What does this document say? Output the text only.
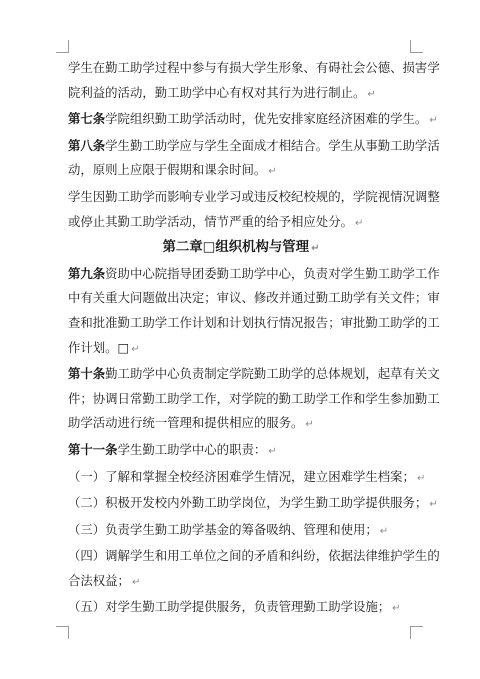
学生在勤工助学过程中参与有损大学生形象、有碍社会公德、损害学

院利益的活动，勤工助学中心有权对其行为进行制止。 ↵

第七条学院组织勤工助学活动时，优先安排家庭经济困难的学生。 ↵

第八条学生勤工助学应与学生全面成才相结合。学生从事勤工助学活

动，原则上应限于假期和课余时间。 ↵

学生因勤工助学而影响专业学习或违反校纪校规的，学院视情况调整

或停止其勤工助学活动，情节严重的给予相应处分。 ↵

第二章□组织机构与管理 ↵

第九条资助中心院指导团委勤工助学中心，负责对学生勤工助学工作

中有关重大问题做出决定；审议、修改并通过勤工助学有关文件；审

查和批准勤工助学工作计划和计划执行情况报告；审批勤工助学的工

作计划。□ ↵

第十条勤工助学中心负责制定学院勤工助学的总体规划，起草有关文

件；协调日常勤工助学工作，对学院的勤工助学工作和学生参加勤工

助学活动进行统一管理和提供相应的服务。 ↵

第十一条学生勤工助学中心的职责： ↵

（一）了解和掌握全校经济困难学生情况，建立困难学生档案； ↵

（二）积极开发校内外勤工助学岗位，为学生勤工助学提供服务； ↵

（三）负责学生勤工助学基金的筹备吸纳、管理和使用； ↵

（四）调解学生和用工单位之间的矛盾和纠纷，依据法律维护学生的

合法权益； ↵

（五）对学生勤工助学提供服务，负责管理勤工助学设施； ↵
